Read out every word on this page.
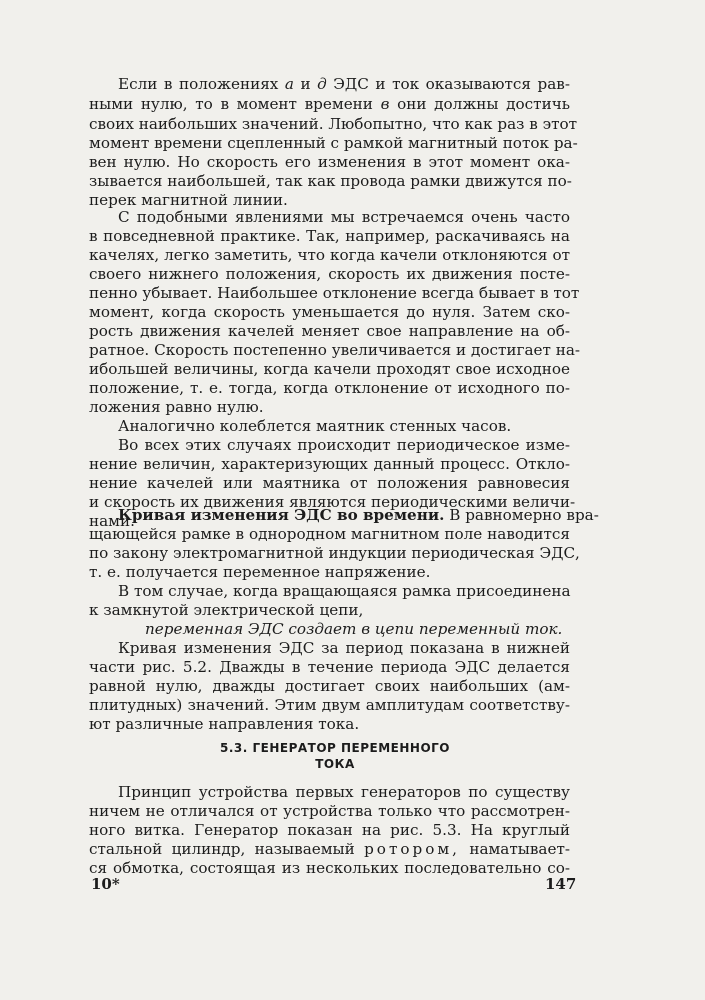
Если в положениях а и д ЭДС и ток оказываются рав-

ными нулю, то в момент времени в они должны достичь

своих наибольших значений. Любопытно, что как раз в этот

момент времени сцепленный с рамкой магнитный поток ра-

вен нулю. Но скорость его изменения в этот момент ока-

зывается наибольшей, так как провода рамки движутся по-

перек магнитной линии.

С подобными явлениями мы встречаемся очень часто

в повседневной практике. Так, например, раскачиваясь на

качелях, легко заметить, что когда качели отклоняются от

своего нижнего положения, скорость их движения посте-

пенно убывает. Наибольшее отклонение всегда бывает в тот

момент, когда скорость уменьшается до нуля. Затем ско-

рость движения качелей меняет свое направление на об-

ратное. Скорость постепенно увеличивается и достигает на-

ибольшей величины, когда качели проходят свое исходное

положение, т. е. тогда, когда отклонение от исходного по-

ложения равно нулю.

Аналогично колеблется маятник стенных часов.

Во всех этих случаях происходит периодическое изме-

нение величин, характеризующих данный процесс. Откло-

нение качелей или маятника от положения равновесия

и скорость их движения являются периодическими величи-

нами.

Кривая изменения ЭДС во времени. В равномерно вра-

щающейся рамке в однородном магнитном поле наводится

по закону электромагнитной индукции периодическая ЭДС,

т. е. получается переменное напряжение.

В том случае, когда вращающаяся рамка присоединена

к замкнутой электрической цепи,

переменная ЭДС создает в цепи переменный ток.

Кривая изменения ЭДС за период показана в нижней

части рис. 5.2. Дважды в течение периода ЭДС делается

равной нулю, дважды достигает своих наибольших (ам-

плитудных) значений. Этим двум амплитудам соответству-

ют различные направления тока.

5.3. ГЕНЕРАТОР ПЕРЕМЕННОГО ТОКА

Принцип устройства первых генераторов по существу

ничем не отличался от устройства только что рассмотрен-

ного витка. Генератор показан на рис. 5.3. На круглый

стальной цилиндр, называемый ротором, наматывает-

ся обмотка, состоящая из нескольких последовательно со-

10*	147
